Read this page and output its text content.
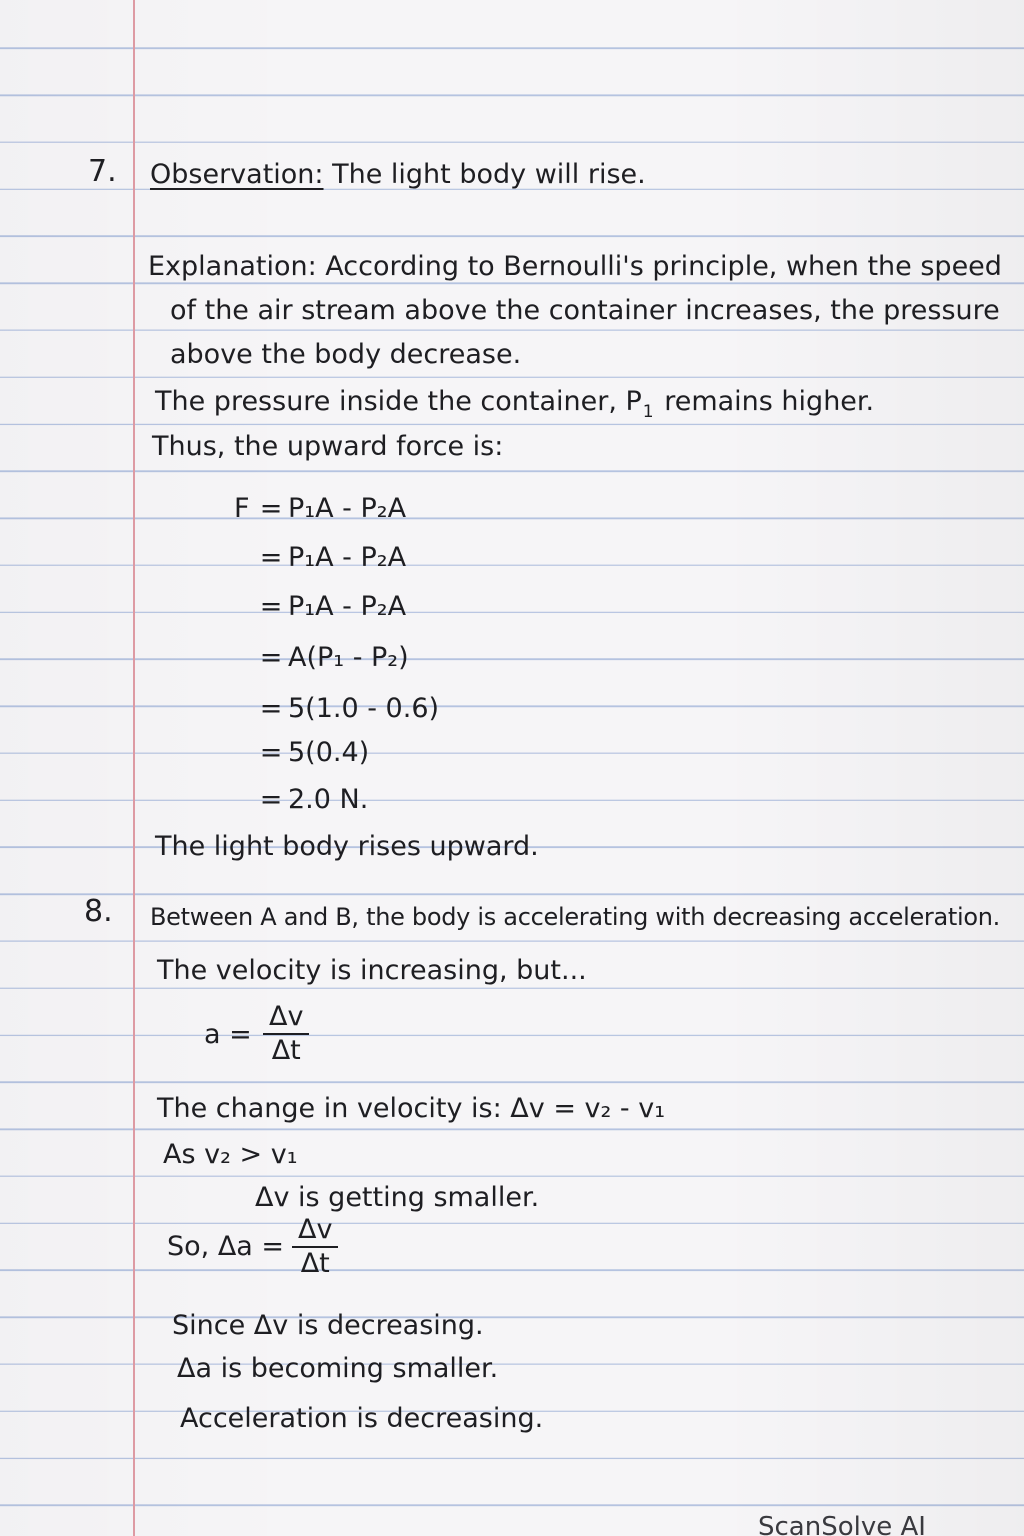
7. Observation: The light body will rise.
Explanation: According to Bernoulli's principle, when the speed
of the air stream above the container increases, the pressure
above the body decrease.
The pressure inside the container, $P_1$ remains higher.
Thus, the upward force is:
F = P₁A - P₂A
= P₁A - P₂A
= P₁A - P₂A
= A(P₁ - P₂)
= 5(1.0 - 0.6)
= 5(0.4)
= 2.0 N.
The light body rises upward.
8. Between A and B, the body is accelerating with decreasing acceleration.
The velocity is increasing, but...
a =
Δv
Δt
The change in velocity is: Δv = v₂ - v₁
As v₂ > v₁
Δv is getting smaller.
So, Δa =
Δv
Δt
Since Δv is decreasing.
Δa is becoming smaller.
Acceleration is decreasing.
ScanSolve AI
